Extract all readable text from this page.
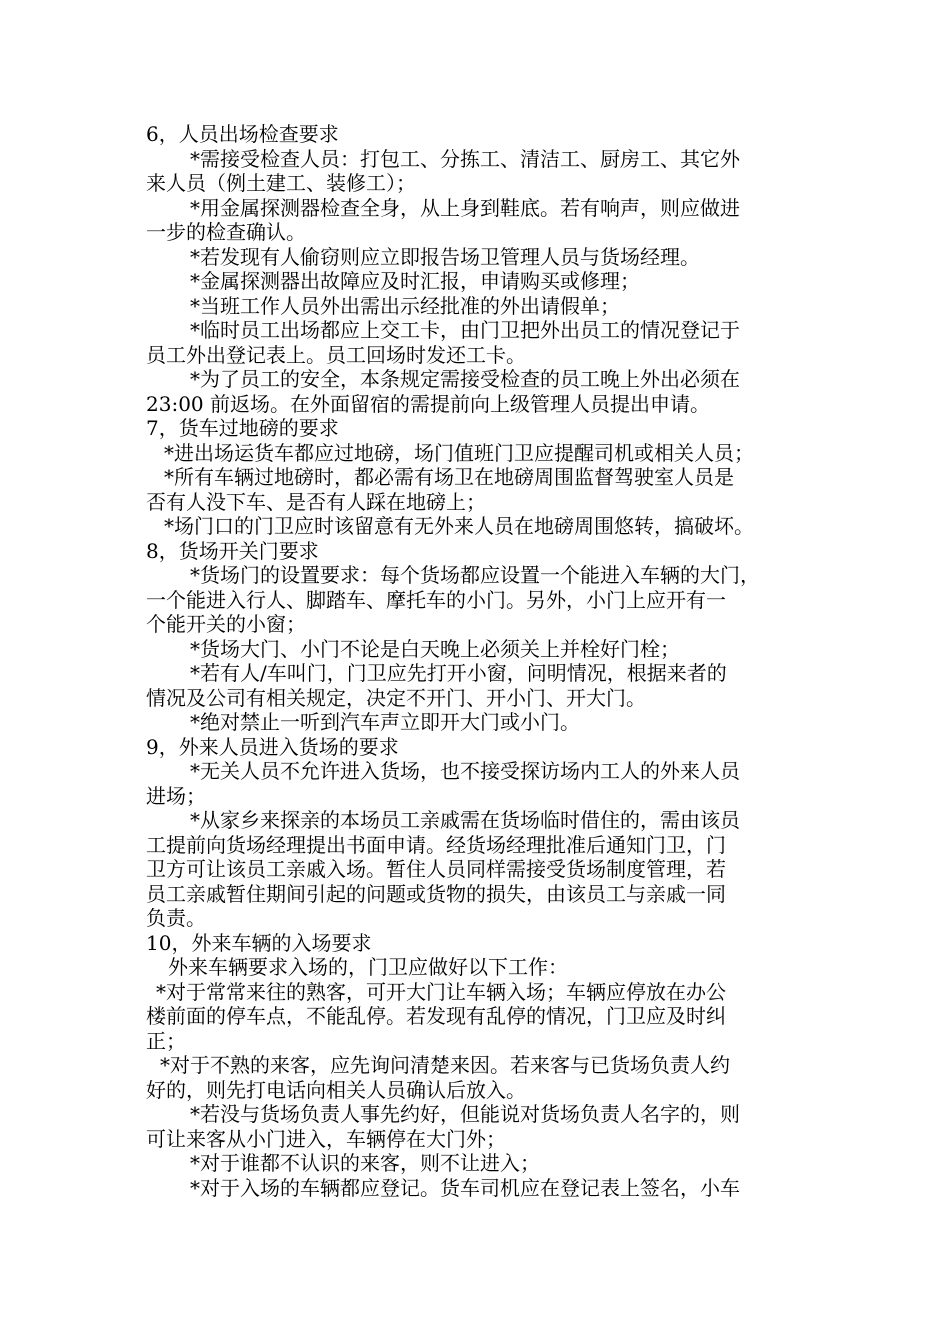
6，人员出场检查要求
*需接受检查人员：打包工、分拣工、清洁工、厨房工、其它外
来人员（例土建工、装修工）；
*用金属探测器检查全身，从上身到鞋底。若有响声，则应做进
一步的检查确认。
*若发现有人偷窃则应立即报告场卫管理人员与货场经理。
*金属探测器出故障应及时汇报，申请购买或修理；
*当班工作人员外出需出示经批准的外出请假单；
*临时员工出场都应上交工卡，由门卫把外出员工的情况登记于
员工外出登记表上。员工回场时发还工卡。
*为了员工的安全，本条规定需接受检查的员工晚上外出必须在
23:00 前返场。在外面留宿的需提前向上级管理人员提出申请。
7，货车过地磅的要求
*进出场运货车都应过地磅，场门值班门卫应提醒司机或相关人员；
*所有车辆过地磅时，都必需有场卫在地磅周围监督驾驶室人员是
否有人没下车、是否有人踩在地磅上；
*场门口的门卫应时该留意有无外来人员在地磅周围悠转，搞破坏。
8，货场开关门要求
*货场门的设置要求：每个货场都应设置一个能进入车辆的大门，
一个能进入行人、脚踏车、摩托车的小门。另外，小门上应开有一
个能开关的小窗；
*货场大门、小门不论是白天晚上必须关上并栓好门栓；
*若有人/车叫门，门卫应先打开小窗，问明情况，根据来者的
情况及公司有相关规定，决定不开门、开小门、开大门。
*绝对禁止一听到汽车声立即开大门或小门。
9，外来人员进入货场的要求
*无关人员不允许进入货场，也不接受探访场内工人的外来人员
进场；
*从家乡来探亲的本场员工亲戚需在货场临时借住的，需由该员
工提前向货场经理提出书面申请。经货场经理批准后通知门卫，门
卫方可让该员工亲戚入场。暂住人员同样需接受货场制度管理，若
员工亲戚暂住期间引起的问题或货物的损失，由该员工与亲戚一同
负责。
10，外来车辆的入场要求
外来车辆要求入场的，门卫应做好以下工作：
*对于常常来往的熟客，可开大门让车辆入场；车辆应停放在办公
楼前面的停车点，不能乱停。若发现有乱停的情况，门卫应及时纠
正；
*对于不熟的来客，应先询问清楚来因。若来客与已货场负责人约
好的，则先打电话向相关人员确认后放入。
*若没与货场负责人事先约好，但能说对货场负责人名字的，则
可让来客从小门进入，车辆停在大门外；
*对于谁都不认识的来客，则不让进入；
*对于入场的车辆都应登记。货车司机应在登记表上签名，小车
